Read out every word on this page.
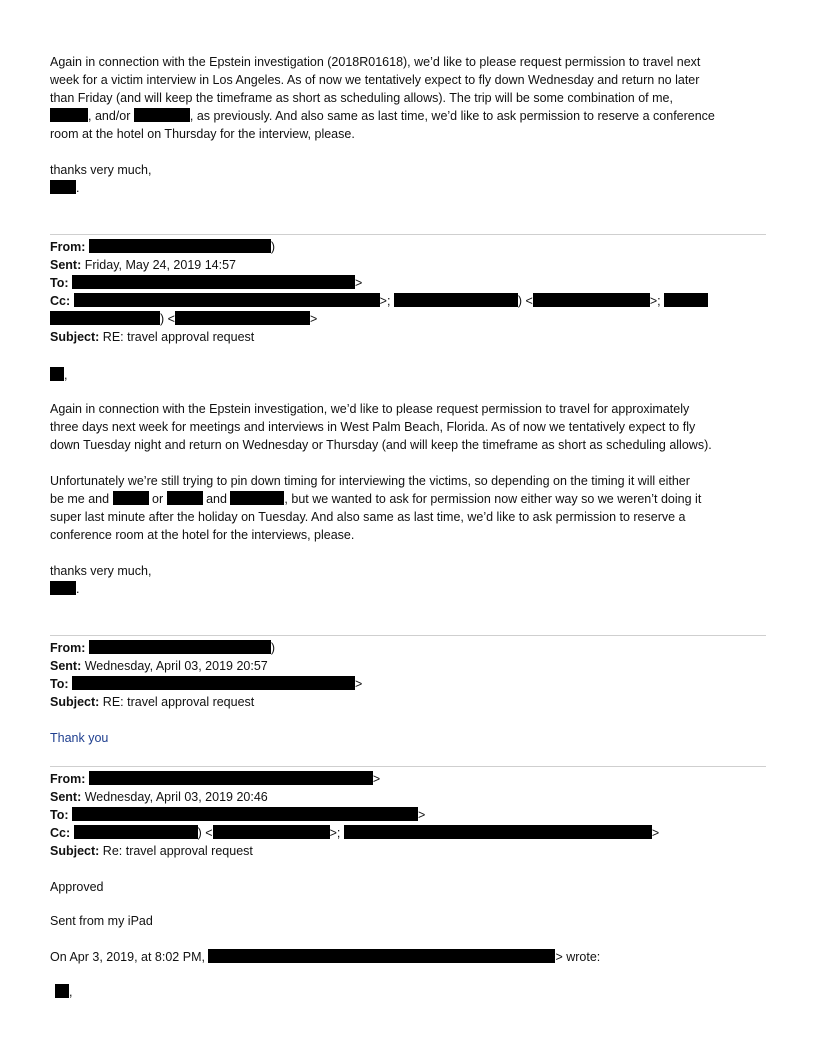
Again in connection with the Epstein investigation (2018R01618), we’d like to please request permission to travel next
week for a victim interview in Los Angeles. As of now we tentatively expect to fly down Wednesday and return no later
than Friday (and will keep the timeframe as short as scheduling allows). The trip will be some combination of me,
, and/or	, as previously. And also same as last time, we’d like to ask permission to reserve a conference
room at the hotel on Thursday for the interview, please.
thanks very much,
.
From:	)
Sent: Friday, May 24, 2019 14:57
To:	>
Cc:	>;	) <	>;
) <	>
Subject: RE: travel approval request
,
Again in connection with the Epstein investigation, we’d like to please request permission to travel for approximately
three days next week for meetings and interviews in West Palm Beach, Florida. As of now we tentatively expect to fly
down Tuesday night and return on Wednesday or Thursday (and will keep the timeframe as short as scheduling allows).
Unfortunately we’re still trying to pin down timing for interviewing the victims, so depending on the timing it will either
be me and	or	and	, but we wanted to ask for permission now either way so we weren’t doing it
super last minute after the holiday on Tuesday. And also same as last time, we’d like to ask permission to reserve a
conference room at the hotel for the interviews, please.
thanks very much,
.
From:	)
Sent: Wednesday, April 03, 2019 20:57
To:	>
Subject: RE: travel approval request
Thank you
From:	>
Sent: Wednesday, April 03, 2019 20:46
To:	>
Cc:	) <	>;	>
Subject: Re: travel approval request
Approved
Sent from my iPad
On Apr 3, 2019, at 8:02 PM,	> wrote:
,
